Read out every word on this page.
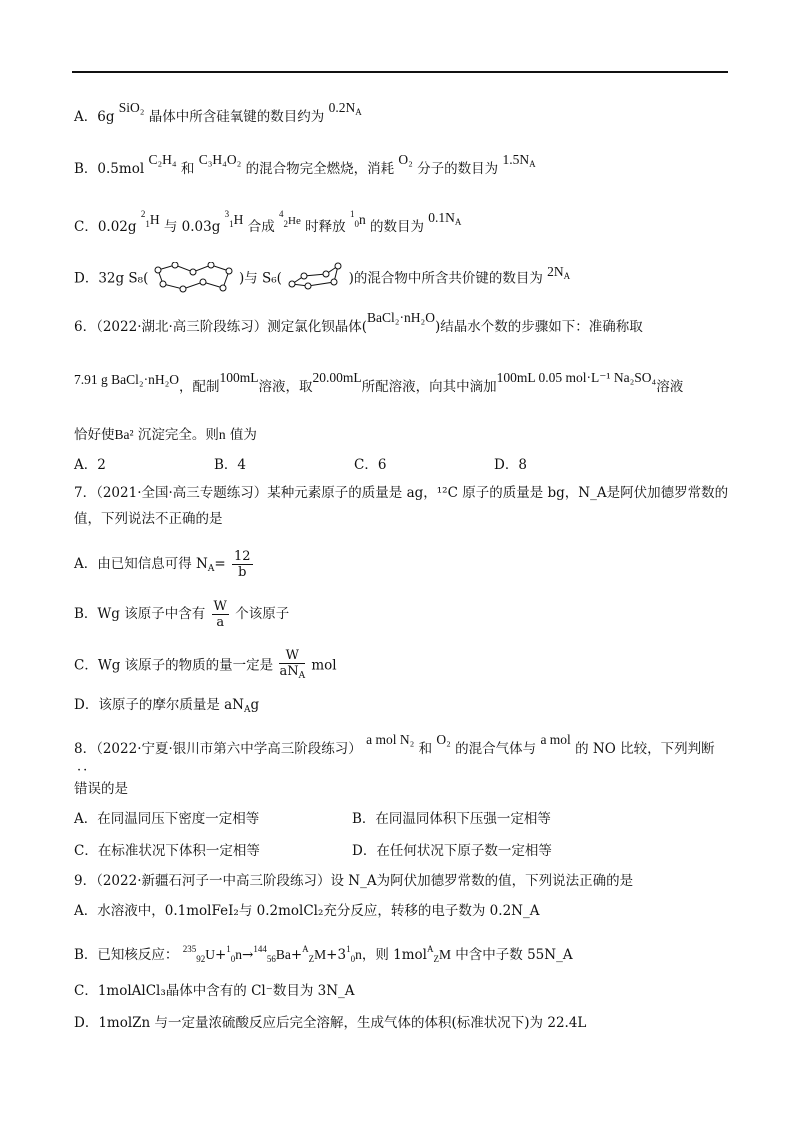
A．6g SiO₂ 晶体中所含硅氧键的数目约为 $0.2N_A$
B．0.5mol C₂H₄ 和 C₃H₄O₂ 的混合物完全燃烧，消耗 O₂ 分子的数目为 $1.5N_A$
C．0.02g $^2_1$H 与 0.03g $^3_1$H 合成 $^{^4_2He}$ 时释放 $^1_0$n 的数目为 $0.1N_A$
D．32g S₈(	)与 S₆(	)的混合物中所含共价键的数目为 $2N_A$
6．（2022·湖北·高三阶段练习）测定氯化钡晶体(BaCl₂·nH₂O)结晶水个数的步骤如下：准确称取
7.91 g BaCl₂·nH₂O，配制100mL溶液，取20.00mL所配溶液，向其中滴加100mL 0.05 mol·L⁻¹ Na₂SO₄溶液
恰好使Ba² 沉淀完全。则n 值为
A．2	B．4	C．6	D．8
7．（2021·全国·高三专题练习）某种元素原子的质量是 ag，¹²C 原子的质量是 bg，N_A是阿伏加德罗常数的
值，下列说法不正确的是
A．由已知信息可得 $N_A= \frac{12}{b}$
B．Wg 该原子中含有 $\frac{W}{a}$ 个该原子
C．Wg 该原子的物质的量一定是 $\frac{W}{aN_A}$ mol
D．该原子的摩尔质量是 $aN_Ag$
8．（2022·宁夏·银川市第六中学高三阶段练习） a mol N₂ 和 O₂ 的混合气体与 a mol 的 NO 比较，下列判断
··
错误的是
A．在同温同压下密度一定相等	B．在同温同体积下压强一定相等
C．在标准状况下体积一定相等	D．在任何状况下原子数一定相等
9．（2022·新疆石河子一中高三阶段练习）设 N_A为阿伏加德罗常数的值，下列说法正确的是
A．水溶液中，0.1molFeI₂与 0.2molCl₂充分反应，转移的电子数为 0.2N_A
B．已知核反应： $^{235}_{92}U+^1_0n\to^{144}_{56}Ba+^A_ZM+3^1_0n$，则 1mol$^A_Z$M 中含中子数 55N_A
C．1molAlCl₃晶体中含有的 Cl⁻数目为 3N_A
D．1molZn 与一定量浓硫酸反应后完全溶解，生成气体的体积(标准状况下)为 22.4L
